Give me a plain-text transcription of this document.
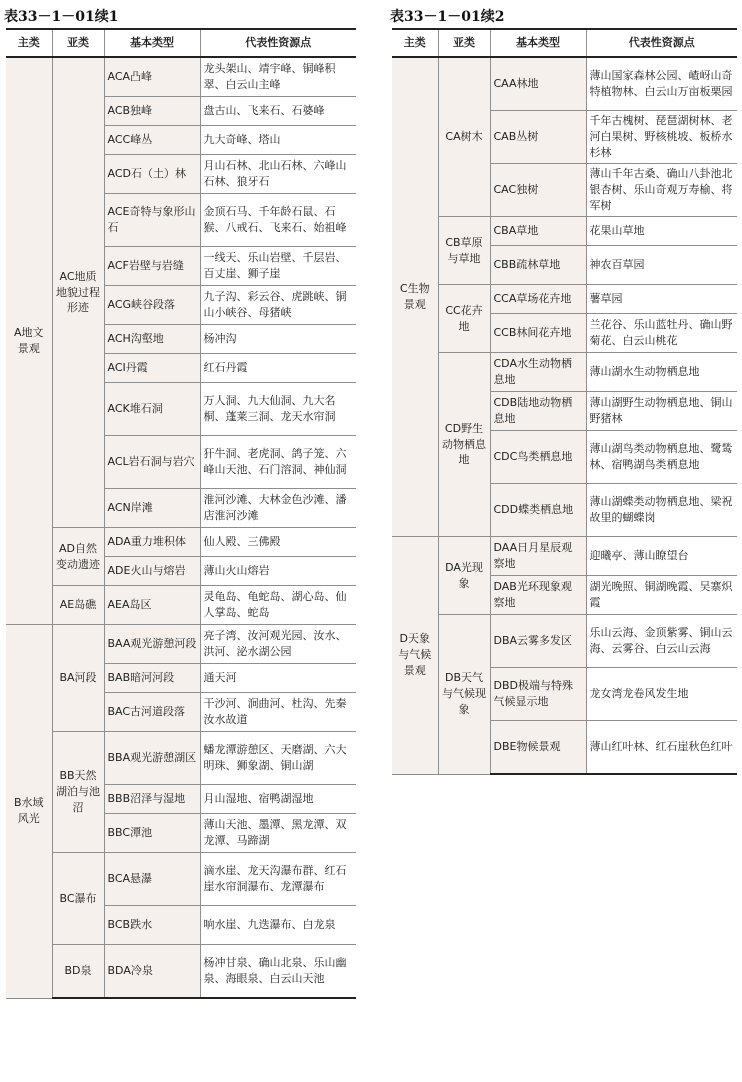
表33－1－01续1
主类	亚类	基本类型	代表性资源点
A地文景观	AC地质地貌过程形迹	ACA凸峰	龙头架山、靖宇峰、铜峰积翠、白云山主峰
		ACB独峰	盘古山、飞来石、石婆峰
		ACC峰丛	九大奇峰、塔山
		ACD石（土）林	月山石林、北山石林、六峰山石林、狼牙石
		ACE奇特与象形山石	金顶石马、千年龄石鼠、石猴、八戒石、飞来石、始祖峰
		ACF岩壁与岩缝	一线天、乐山岩壁、千层岩、百丈崖、狮子崖
		ACG峡谷段落	九子沟、彩云谷、虎跳峡、铜山小峡谷、母猪峡
		ACH沟壑地	杨冲沟
		ACI丹霞	红石丹霞
		ACK堆石洞	万人洞、九大仙洞、九大名桐、蓬莱三洞、龙天水帘洞
		ACL岩石洞与岩穴	犴牛洞、老虎洞、鸽子笼、六峰山天池、石门溶洞、神仙洞
		ACN岸滩	淮河沙滩、大林金色沙滩、潘店淮河沙滩
	AD自然变动遗迹	ADA重力堆积体	仙人殿、三佛殿
		ADE火山与熔岩	薄山火山熔岩
	AE岛礁	AEA岛区	灵龟岛、龟蛇岛、湖心岛、仙人掌岛、蛇岛
B水域风光	BA河段	BAA观光游憩河段	亮子湾、汝河观光园、汝水、洪河、泌水湖公园
		BAB暗河河段	通天河
		BAC古河道段落	干沙河、涧曲河、杜沟、先秦汝水故道
	BB天然湖泊与池沼	BBA观光游憩湖区	蟠龙潭游憩区、天磨湖、六大明珠、狮象湖、铜山湖
		BBB沼泽与湿地	月山湿地、宿鸭湖湿地
		BBC潭池	薄山天池、墨潭、黑龙潭、双龙潭、马蹄湖
	BC瀑布	BCA悬瀑	滴水崖、龙天沟瀑布群、红石崖水帘洞瀑布、龙潭瀑布
		BCB跌水	响水崖、九迭瀑布、白龙泉
	BD泉	BDA冷泉	杨冲甘泉、确山北泉、乐山幽泉、海眼泉、白云山天池
表33－1－01续2
主类	亚类	基本类型	代表性资源点
C生物景观	CA树木	CAA林地	薄山国家森林公园、嵖岈山奇特植物林、白云山万亩板栗园
		CAB丛树	千年古槐树、琵琶湖树林、老河白果树、野核桃坡、板桥水杉林
		CAC独树	薄山千年古桑、确山八卦池北银杏树、乐山奇观万寿榆、将军树
	CB草原与草地	CBA草地	花果山草地
		CBB疏林草地	神农百草园
	CC花卉地	CCA草场花卉地	薯草园
		CCB林间花卉地	兰花谷、乐山蓝牡丹、确山野菊花、白云山桃花
	CD野生动物栖息地	CDA水生动物栖息地	薄山湖水生动物栖息地
		CDB陆地动物栖息地	薄山湖野生动物栖息地、铜山野猪林
		CDC鸟类栖息地	薄山湖鸟类动物栖息地、鹭鸶林、宿鸭湖鸟类栖息地
		CDD蝶类栖息地	薄山湖蝶类动物栖息地、梁祝故里的蝴蝶岗
D天象与气候景观	DA光现象	DAA日月星辰观察地	迎曦亭、薄山瞭望台
		DAB光环现象观察地	湖光晚照、铜湖晚霞、吴寨炽霞
	DB天气与气候现象	DBA云雾多发区	乐山云海、金顶紫雾、铜山云海、云雾谷、白云山云海
		DBD极端与特殊气候显示地	龙女湾龙卷风发生地
		DBE物候景观	薄山红叶林、红石崖秋色红叶
